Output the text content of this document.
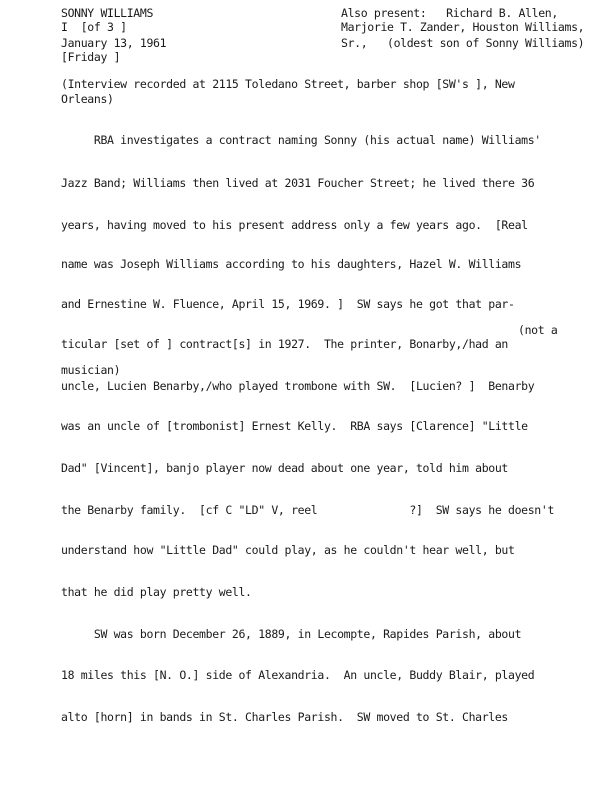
SONNY WILLIAMS
I  [of 3 ]
January 13, 1961
[Friday ]
Also present:   Richard B. Allen,
Marjorie T. Zander, Houston Williams,
Sr.,   (oldest son of Sonny Williams)
(Interview recorded at 2115 Toledano Street, barber shop [SW's ], New
Orleans)
RBA investigates a contract naming Sonny (his actual name) Williams'
Jazz Band; Williams then lived at 2031 Foucher Street; he lived there 36
years, having moved to his present address only a few years ago.  [Real
name was Joseph Williams according to his daughters, Hazel W. Williams
and Ernestine W. Fluence, April 15, 1969. ]  SW says he got that par-
(not a
ticular [set of ] contract[s] in 1927.  The printer, Bonarby,/had an
musician)
uncle, Lucien Benarby,/who played trombone with SW.  [Lucien? ]  Benarby
was an uncle of [trombonist] Ernest Kelly.  RBA says [Clarence] "Little
Dad" [Vincent], banjo player now dead about one year, told him about
the Benarby family.  [cf C "LD" V, reel              ?]  SW says he doesn't
understand how "Little Dad" could play, as he couldn't hear well, but
that he did play pretty well.
SW was born December 26, 1889, in Lecompte, Rapides Parish, about
18 miles this [N. O.] side of Alexandria.  An uncle, Buddy Blair, played
alto [horn] in bands in St. Charles Parish.  SW moved to St. Charles
